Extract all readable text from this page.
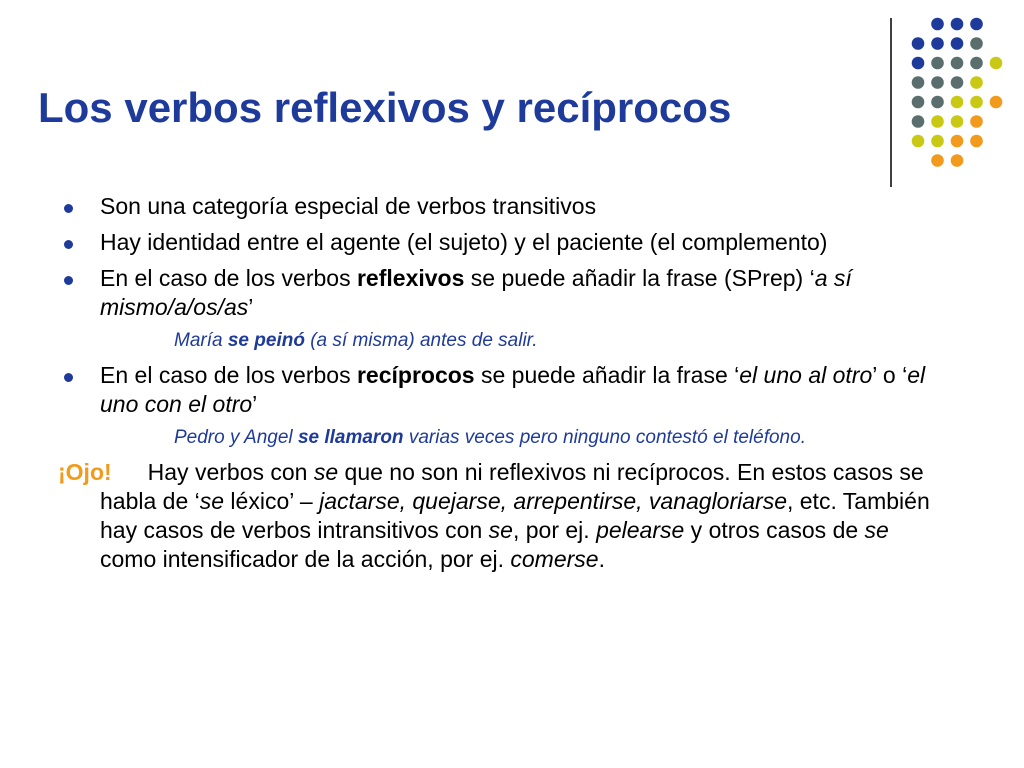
Los verbos reflexivos y recíprocos

Son una categoría especial de verbos transitivos

Hay identidad entre el agente (el sujeto) y el paciente (el complemento)

En el caso de los verbos reflexivos se puede añadir la frase (SPrep) ‘a sí mismo/a/os/as’

María se peinó (a sí misma) antes de salir.

En el caso de los verbos recíprocos se puede añadir la frase ‘el uno al otro’ o ‘el uno con el otro’

Pedro y Angel se llamaron varias veces pero ninguno contestó el teléfono.

¡Ojo! Hay verbos con se que no son ni reflexivos ni recíprocos. En estos casos se habla de ‘se léxico’ – jactarse, quejarse, arrepentirse, vanagloriarse, etc. También hay casos de verbos intransitivos con se, por ej. pelearse y otros casos de se como intensificador de la acción, por ej. comerse.
